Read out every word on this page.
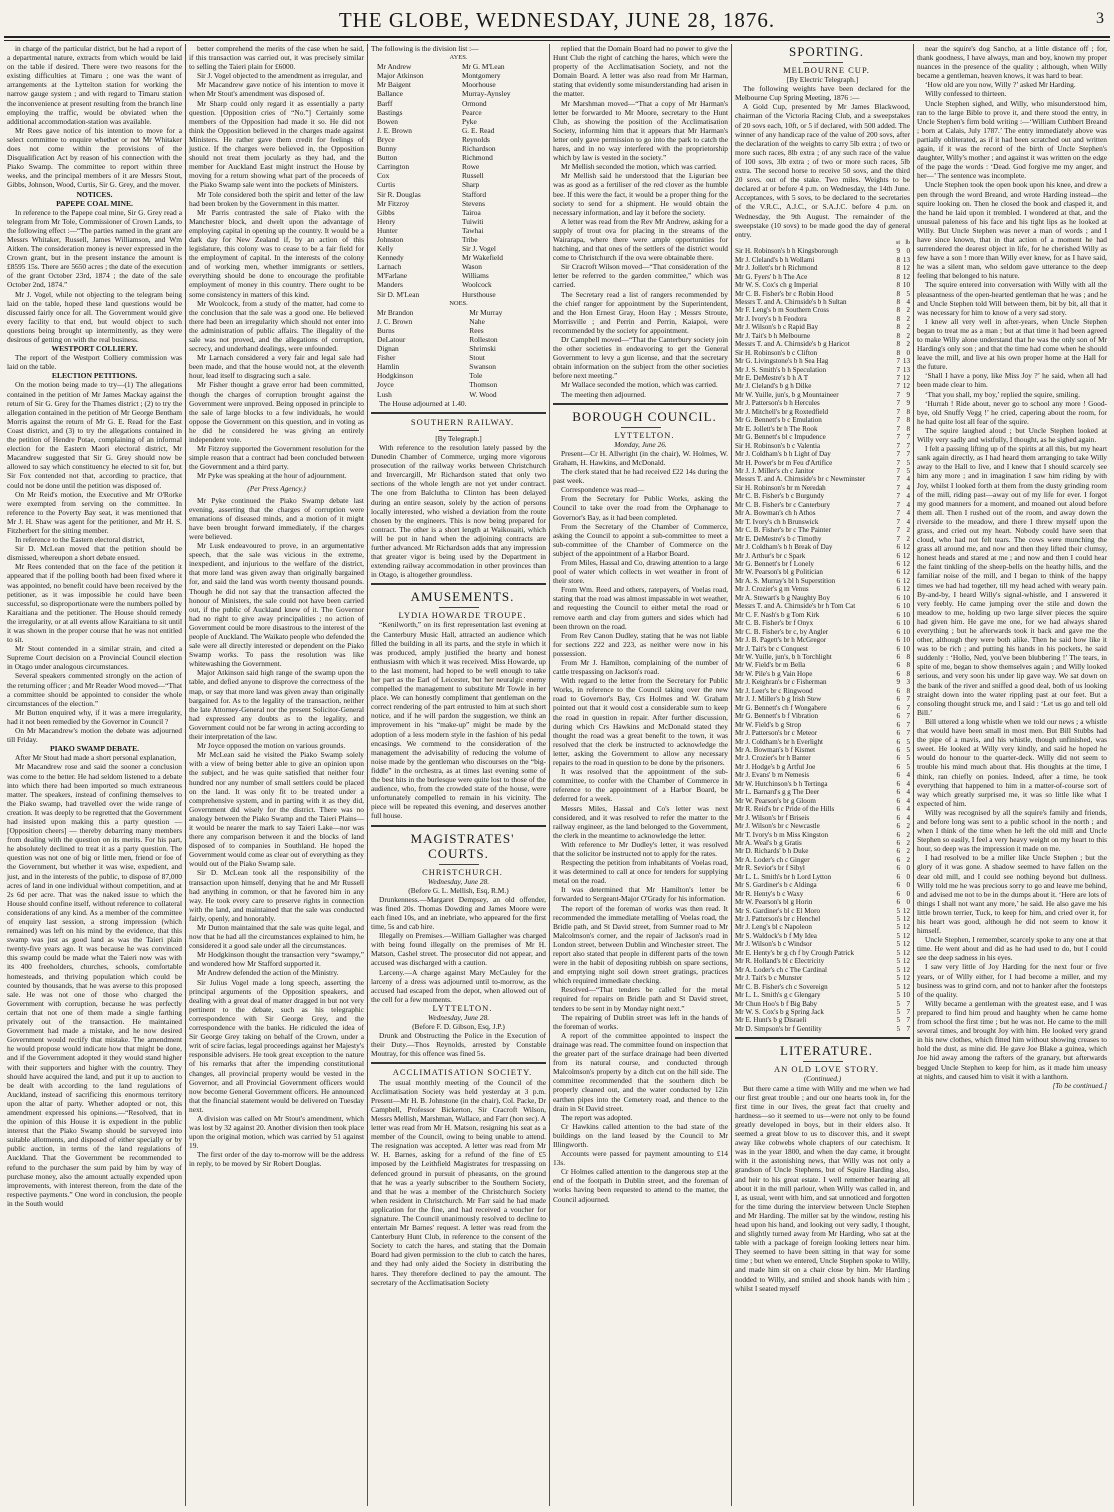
THE GLOBE, WEDNESDAY, JUNE 28, 1876.	3

in charge of the particular district, but he had a report of a departmental nature, extracts from which would be laid on the table if desired. There were two reasons for the existing difficulties at Timaru ; one was the want of arrangements at the Lyttelton station for working the narrow gauge system ; and with regard to Timaru station the inconvenience at present resulting from the branch line employing the traffic, would be obviated when the additional accommodation-station was available.

Mr Rees gave notice of his intention to move for a select committee to enquire whether or not Mr Whitaker does not come within the provisions of the Disqualification Act by reason of his connection with the Piako Swamp. The committee to report within three weeks, and the principal members of it are Messrs Stout, Gibbs, Johnson, Wood, Curtis, Sir G. Grey, and the mover.

NOTICES.

PAPEPE COAL MINE.

In reference to the Papepe coal mine, Sir G. Grey read a telegram from Mr Tole, Commissioner of Crown Lands, to the following effect :—“The parties named in the grant are Messrs Whitaker, Russell, James Williamson, and Wm Aitken. The consideration money is never expressed in the Crown grant, but in the present instance the amount is £8595 15s. There are 5650 acres ; the date of the execution of the grant October 23rd, 1874 ; the date of the sale October 2nd, 1874.”

Mr J. Vogel, while not objecting to the telegram being laid on the table, hoped these land questions would be discussed fairly once for all. The Government would give every facility to that end, but would object to such questions being brought up intermittently, as they were desirous of getting on with the real business.

WESTPORT COLLIERY.

The report of the Westport Colliery commission was laid on the table.

ELECTION PETITIONS.

On the motion being made to try—(1) The allegations contained in the petition of Mr James Mackay against the return of Sir G. Grey for the Thames district ; (2) to try the allegation contained in the petition of Mr George Bentham Morris against the return of Mr G. E. Read for the East Coast district, and (3) to try the allegations contained in the petition of Hendre Potae, complaining of an informal election for the Eastern Maori electoral district, Mr Macandrew suggested that Sir G. Grey should now be allowed to say which constituency he elected to sit for, but Sir Fox contended not that, according to practice, that could not be done until the petition was disposed of.

On Mr Reid's motion, the Executive and Mr O'Rorke were exempted from serving on the committee. In reference to the Poverty Bay seat, it was mentioned that Mr J. H. Shaw was agent for the petitioner, and Mr H. S. Fitzherbert for the sitting member.

In reference to the Eastern electoral district,

Sir D. McLean moved that the petition should be dismissed, whereupon a short debate ensued.

Mr Rees contended that on the face of the petition it appeared that if the polling booth had been fixed where it was appointed, no benefit could have been received by the petitioner, as it was impossible he could have been successful, so disproportionate were the numbers polled by Karaitiana and the petitioner. The House should remedy the irregularity, or at all events allow Karaitiana to sit until it was shown in the proper course that he was not entitled to sit.

Mr Stout contended in a similar strain, and cited a Supreme Court decision on a Provincial Council election in Otago under analogous circumstances.

Several speakers commented strongly on the action of the returning officer ; and Mr Reader Wood moved—“That a committee should be appointed to consider the whole circumstances of the election.”

Mr Button enquired why, if it was a mere irregularity, had it not been remedied by the Governor in Council ?

On Mr Macandrew's motion the debate was adjourned till Friday.

PIAKO SWAMP DEBATE.

After Mr Stout had made a short personal explanation,

Mr Macandrew rose and said the sooner a conclusion was come to the better. He had seldom listened to a debate into which there had been imported so much extraneous matter. The speakers, instead of confining themselves to the Piako swamp, had travelled over the wide range of creation. It was deeply to be regretted that the Government had insisted upon making this a party question — [Opposition cheers] — thereby debarring many members from dealing with the question on its merits. For his part, he absolutely declined to treat it as a party question. The question was not one of big or little men, friend or foe of the Government, but whether it was wise, expedient, and just, and in the interests of the public, to dispose of 87,000 acres of land in one individual without competition, and at 2s 6d per acre. That was the naked issue to which the House should confine itself, without reference to collateral considerations of any kind. As a member of the committee of enquiry last session, a strong impression (which remained) was left on his mind by the evidence, that this swamp was just as good land as was the Taieri plain twenty-five years ago. It was because he was convinced this swamp could be made what the Taieri now was with its 400 freeholders, churches, schools, comfortable homesteads, and thriving population which could be counted by thousands, that he was averse to this proposed sale. He was not one of those who charged the Government with corruption, because he was perfectly certain that not one of them made a single farthing privately out of the transaction. He maintained Government had made a mistake, and he now desired Government would rectify that mistake. The amendment he would propose would indicate how that might be done, and if the Government adopted it they would stand higher with their supporters and higher with the country. They should have acquired the land, and put it up to auction to be dealt with according to the land regulations of Auckland, instead of sacrificing this enormous territory upon the altar of party. Whether adopted or not, this amendment expressed his opinions.—“Resolved, that in the opinion of this House it is expedient in the public interest that the Piako Swamp should be surveyed into suitable allotments, and disposed of either specially or by public auction, in terms of the land regulations of Auckland. That the Government be recommended to refund to the purchaser the sum paid by him by way of purchase money, also the amount actually expended upon improvements, with interest thereon, from the date of the respective payments.” One word in conclusion, the people in the South would

better comprehend the merits of the case when he said, if this transaction was carried out, it was precisely similar to selling the Taieri plain for £6000.

Sir J. Vogel objected to the amendment as irregular, and

Mr Macandrew gave notice of his intention to move it when Mr Stout's amendment was disposed of.

Mr Sharp could only regard it as essentially a party question. [Opposition cries of “No.”] Certainly some members of the Opposition had made it so. He did not think the Opposition believed in the charges made against Ministers. He rather gave them credit for feelings of justice. If the charges were believed in, the Opposition should not treat them jocularly as they had, and the member for Auckland East might instruct the House by moving for a return showing what part of the proceeds of the Piako Swamp sale went into the pockets of Ministers.

Mr Tole considered both the spirit and letter of the law had been broken by the Government in this matter.

Mr Parris contrasted the sale of Piako with the Manchester block, and dwelt upon the advantage of employing capital in opening up the country. It would be a dark day for New Zealand if, by an action of this legislature, this colony was to cease to be a fair field for the employment of capital. In the interests of the colony and of working men, whether immigrants or settlers, everything should be done to encourage the profitable employment of money in this country. There ought to be some consistency in matters of this kind.

Mr Woolcock, from a study of the matter, had come to the conclusion that the sale was a good one. He believed there had been an irregularity which should not enter into the administration of public affairs. The illegality of the sale was not proved, and the allegations of corruption, secrecy, and underhand dealings, were unfounded.

Mr Larnach considered a very fair and legal sale had been made, and that the house would not, at the eleventh hour, lead itself to disgracing such a sale.

Mr Fisher thought a grave error had been committed, though the charges of corruption brought against the Government were unproved. Being opposed in principle to the sale of large blocks to a few individuals, he would oppose the Government on this question, and in voting as he did he considered he was giving an entirely independent vote.

Mr Fitzroy supported the Government resolution for the simple reason that a contract had been concluded between the Government and a third party.

Mr Pyke was speaking at the hour of adjournment.

(Per Press Agency.)

Mr Pyke continued the Piako Swamp debate last evening, asserting that the charges of corruption were emanations of diseased minds, and a motion of it might have been brought forward immediately, if the charges were believed.

Mr Lusk endeavoured to prove, in an argumentative speech, that the sale was vicious in the extreme, inexpedient, and injurious to the welfare of the district, that more land was given away than originally bargained for, and said the land was worth twenty thousand pounds. Though he did not say that the transaction affected the honour of Ministers, the sale could not have been carried out, if the public of Auckland knew of it. The Governor had no right to give away principalities ; no action of Government could be more disastrous to the interest of the people of Auckland. The Waikato people who defended the sale were all directly interested or dependent on the Piako Swamp works. To pass the resolution was like whitewashing the Government.

Major Atkinson said high range of the swamp upon the table, and defied anyone to disprove the correctness of the map, or say that more land was given away than originally bargained for. As to the legality of the transaction, neither the late Attorney-General nor the present Solicitor-General had expressed any doubts as to the legality, and Government could not be far wrong in acting according to their interpretation of the law.

Mr Joyce opposed the motion on various grounds.

Mr McLean said he visited the Piako Swamp solely with a view of being better able to give an opinion upon the subject, and he was quite satisfied that neither four hundred nor any number of small settlers could be placed on the land. It was only fit to be treated under a comprehensive system, and in parting with it as they did, Government did wisely for the district. There was no analogy between the Piako Swamp and the Taieri Plains—it would be nearer the mark to say Taieri Lake—nor was there any comparison between it and the blocks of land disposed of to companies in Southland. He hoped the Government would come as clear out of everything as they would out of the Piako Swamp sale.

Sir D. McLean took all the responsibility of the transaction upon himself, denying that he and Mr Russell had anything in common, or that he favored him in any way. He took every care to preserve rights in connection with the land, and maintained that the sale was conducted fairly, openly, and honorably.

Mr Dutton maintained that the sale was quite legal, and now that he had all the circumstances explained to him, he considered it a good sale under all the circumstances.

Mr Hodgkinson thought the transaction very “swampy,” and wondered how Mr Stafford supported it.

Mr Andrew defended the action of the Ministry.

Sir Julius Vogel made a long speech, asserting the principal arguments of the Opposition speakers, and dealing with a great deal of matter dragged in but not very pertinent to the debate, such as his telegraphic correspondence with Sir George Grey, and the correspondence with the banks. He ridiculed the idea of Sir George Grey taking on behalf of the Crown, under a writ of scire facias, legal proceedings against her Majesty's responsible advisers. He took great exception to the nature of his remarks that after the impending constitutional changes, all provincial property would be vested in the Governor, and all Provincial Government officers would now become General Government officers. He announced that the financial statement would be delivered on Tuesday next.

A division was called on Mr Stout's amendment, which was lost by 32 against 20. Another division then took place upon the original motion, which was carried by 51 against 19.

The first order of the day to-morrow will be the address in reply, to be moved by Sir Robert Douglas.

The following is the division list :—

AYES.

Mr Andrew	Mr G. M'Lean
Major Atkinson	Montgomery
Mr Baigent	Moorhouse
Ballance	Murray-Aynsley
Barff	Ormond
Bastings	Pearce
Bowen	Pyke
J. E. Brown	G. E. Read
Bryce	Reynolds
Bunny	Richardson
Button	Richmond
Carrington	Rowe
Cox	Russell
Curtis	Sharp
Sir R. Douglas	Stafford
Mr Fitzroy	Stevens
Gibbs	Tairoa
Henry	Tuiwiti
Hunter	Tawhai
Johnston	Tribe
Kelly	Sir J. Vogel
Kennedy	Mr Wakefield
Larnach	Wason
M'Farlane	Williams
Manders	Woolcock
Sir D. M'Lean	Hursthouse

NOES.

Mr Brandon	Mr Murray
J. C. Brown	Nahe
Burns	Rees
DeLatour	Rolleston
Dignan	Shrimski
Fisher	Stout
Hamlin	Swanson
Hodgkinson	Tole
Joyce	Thomson
Lush	W. Wood

The House adjourned at 1.40.

SOUTHERN RAILWAY.

[By Telegraph.]

With reference to the resolution lately passed by the Dunedin Chamber of Commerce, urging more vigorous prosecution of the railway works between Christchurch and Invercargill, Mr Richardson stated that only two sections of the whole length are not yet under contract. The one from Balclutha to Clinton has been delayed during an entire season, solely by the action of persons locally interested, who wished a deviation from the route chosen by the engineers. This is now being prepared for contract. The other is a short length at Waikouaiti, which will be put in hand when the adjoining contracts are further advanced. Mr Richardson adds that any impression that greater vigor is being used by the Department in extending railway accommodation in other provinces than in Otago, is altogether groundless.

AMUSEMENTS.

LYDIA HOWARDE TROUPE.

“Kenilworth,” on its first representation last evening at the Canterbury Music Hall, attracted an audience which filled the building in all its parts, and the style in which it was produced, amply justified the hearty and honest enthusiasm with which it was received. Miss Howarde, up to the last moment, had hoped to be well enough to take her part as the Earl of Leicester, but her neuralgic enemy compelled the management to substitute Mr Towle in her place. We can honestly compliment that gentleman on the correct rendering of the part entrusted to him at such short notice, and if he will pardon the suggestion, we think an improvement in his “make-up” might be made by the adoption of a less modern style in the fashion of his pedal encasings. We commend to the consideration of the management the advisability of reducing the volume of noise made by the gentleman who discourses on the “big-fiddle” in the orchestra, as at times last evening some of the best hits in the burlesque were quite lost to those of the audience, who, from the crowded state of the house, were unfortunately compelled to remain in his vicinity. The piece will be repeated this evening, and deserves another full house.

MAGISTRATES' COURTS.

CHRISTCHURCH.

Wednesday, June 28.

(Before G. L. Mellish, Esq, R.M.)

Drunkenness.—Margaret Dempsey, an old offender, was fined 20s. Thomas Dowding and James Moore were each fined 10s, and an inebriate, who appeared for the first time, 5s and cab hire.

Illegally on Premises.—William Gallagher was charged with being found illegally on the premises of Mr H. Matson, Cashel street. The prosecutor did not appear, and accused was discharged with a caution.

Larceny.—A charge against Mary McCauley for the larceny of a dress was adjourned until to-morrow, as the accused had escaped from the depot, when allowed out of the cell for a few moments.

LYTTELTON.

Wednesday, June 28.

(Before F. D. Gibson, Esq, J.P.)

Drunk and Obstructing the Police in the Execution of their Duty.—Thos Reynolds, arrested by Constable Moutray, for this offence was fined 5s.

ACCLIMATISATION SOCIETY.

The usual monthly meeting of the Council of the Acclimatisation Society was held yesterday at 3 p.m. Present—Mr H. B. Johnstone (in the chair), Col. Packe, Dr Campbell, Professor Bickerton, Sir Cracroft Wilson, Messrs Mellish, Marshman, Wallace, and Farr (hon sec). A letter was read from Mr H. Matson, resigning his seat as a member of the Council, owing to being unable to attend. The resignation was accepted. A letter was read from Mr W. H. Barnes, asking for a refund of the fine of £5 imposed by the Leithfield Magistrates for trespassing on defenced ground in pursuit of pheasants, on the ground that he was a yearly subscriber to the Southern Society, and that he was a member of the Christchurch Society when resident in Christchurch. Mr Farr said he had made application for the fine, and had received a voucher for signature. The Council unanimously resolved to decline to entertain Mr Barnes' request. A letter was read from the Canterbury Hunt Club, in reference to the consent of the Society to catch the hares, and stating that the Domain Board had given permission to the club to catch the hares, and they had only aided the Society in distributing the hares. They therefore declined to pay the amount. The secretary of the Acclimatisation Society

replied that the Domain Board had no power to give the Hunt Club the right of catching the hares, which were the property of the Acclimatisation Society, and not the Domain Board. A letter was also read from Mr Harman, stating that evidently some misunderstanding had arisen in the matter.

Mr Marshman moved—“That a copy of Mr Harman's letter be forwarded to Mr Moore, secretary to the Hunt Club, as showing the position of the Acclimatisation Society, informing him that it appears that Mr Harman's letter only gave permission to go into the park to catch the hares, and in no way interfered with the proprietorship which by law is vested in the society.”

Mr Mellish seconded the motion, which was carried.

Mr Mellish said he understood that the Ligurian bee was as good as a fertiliser of the red clover as the humble bee. If this were the fact, it would be a proper thing for the society to send for a shipment. He would obtain the necessary information, and lay it before the society.

A letter was read from the Rev Mr Andrew, asking for a supply of trout ova for placing in the streams of the Wairarapa, where there were ample opportunities for hatching, and that ones of the settlers of the district would come to Christchurch if the ova were obtainable there.

Sir Cracroft Wilson moved—“That consideration of the letter be referred to the garden committee,” which was carried.

The Secretary read a list of rangers recommended by the chief ranger for appointment by the Superintendent, and the Hon Ernest Gray, Hoon Hay ; Messrs Stroute, Morrisville ; and Perrin and Perrin, Kaiapoi, were recommended by the society for appointment.

Dr Campbell moved—“That the Canterbury society join the other societies in endeavoring to get the General Government to levy a gun license, and that the secretary obtain information on the subject from the other societies before next meeting.”

Mr Wallace seconded the motion, which was carried.

The meeting then adjourned.

BOROUGH COUNCIL.

LYTTELTON.

Monday, June 26.

Present—Cr H. Allwright (in the chair), W. Holmes, W. Graham, H. Hawkins, and McDonald.

The clerk stated that he had received £22 14s during the past week.

Correspondence was read—

From the Secretary for Public Works, asking the Council to take over the road from the Orphanage to Governor's Bay, as it had been completed.

From the Secretary of the Chamber of Commerce, asking the Council to appoint a sub-committee to meet a sub-committee of the Chamber of Commerce on the subject of the appointment of a Harbor Board.

From Miles, Hassal and Co, drawing attention to a large pool of water which collects in wet weather in front of their store.

From Wm. Reed and others, ratepayers, of Voelas road, stating that the road was almost impassable in wet weather, and requesting the Council to either metal the road or remove earth and clay from gutters and sides which had been thrown on the road.

From Rev Canon Dudley, stating that he was not liable for sections 222 and 223, as neither were now in his possession.

From Mr J. Hamilton, complaining of the number of cattle trespassing on Jackson's road.

With regard to the letter from the Secretary for Public Works, in reference to the Council taking over the new road to Governor's Bay, Crs Holmes and W. Graham pointed out that it would cost a considerable sum to keep the road in question in repair. After further discussion, during which Crs Hawkins and McDonald stated they thought the road was a great benefit to the town, it was resolved that the clerk be instructed to acknowledge the letter, asking the Government to allow any necessary repairs to the road in question to be done by the prisoners.

It was resolved that the appointment of the sub-committee, to confer with the Chamber of Commerce in reference to the appointment of a Harbor Board, be deferred for a week.

Messrs Miles, Hassal and Co's letter was next considered, and it was resolved to refer the matter to the railway engineer, as the land belonged to the Government, the clerk in the meantime to acknowledge the letter.

With reference to Mr Dudley's letter, it was resolved that the solicitor be instructed not to apply for the rates.

Respecting the petition from inhabitants of Voelas road, it was determined to call at once for tenders for supplying metal on the road.

It was determined that Mr Hamilton's letter be forwarded to Sergeant-Major O'Grady for his information.

The report of the foreman of works was then read. It recommended the immediate metalling of Voelas road, the Bridle path, and St David street, from Sumner road to Mr Malcolmson's corner, and the repair of Jackson's road in London street, between Dublin and Winchester street. The report also stated that people in different parts of the town were in the habit of depositing rubbish on spare sections, and emptying night soil down street gratings, practices which required immediate checking.

Resolved—“That tenders be called for the metal required for repairs on Bridle path and St David street, tenders to be sent in by Monday night next.”

The repairing of Dublin street was left in the hands of the foreman of works.

A report of the committee appointed to inspect the drainage was read. The committee found on inspection that the greater part of the surface drainage had been diverted from its natural course, and conducted through Malcolmson's property by a ditch cut on the hill side. The committee recommended that the southern ditch be properly cleaned out, and the water conducted by 12in earthen pipes into the Cemetery road, and thence to the drain in St David street.

The report was adopted.

Cr Hawkins called attention to the bad state of the buildings on the land leased by the Council to Mr Illingworth.

Accounts were passed for payment amounting to £14 13s.

Cr Holmes called attention to the dangerous step at the end of the footpath in Dublin street, and the foreman of works having been requested to attend to the matter, the Council adjourned.

SPORTING.

MELBOURNE CUP.

[By Electric Telegraph.]

The following weights have been declared for the Melbourne Cup Spring Meeting, 1876 :—

A Gold Cup, presented by Mr James Blackwood, chairman of the Victoria Racing Club, and a sweepstakes of 20 sovs each, 10ft, or 5 if declared, with 500 added. The winner of any handicap race of the value of 200 sovs, after the declaration of the weights to carry 5lb extra ; of two or more such races, 8lb extra ; of any such race of the value of 100 sovs, 3lb extra ; of two or more such races, 5lb extra. The second horse to receive 50 sovs, and the third 20 sovs. out of the stake. Two miles. Weights to be declared at or before 4 p.m. on Wednesday, the 14th June. Acceptances, with 5 sovs, to be declared to the secretaries of the V.R.C., A.J.C., or S.A.J.C. before 4 p.m. on Wednesday, the 9th August. The remainder of the sweepstake (10 sovs) to be made good the day of general entry.

	st	lb
Sir H. Robinson's b h Kingsborough	9	0
Mr J. Cleland's b h Wollami	8	13
Mr J. Jollett's br h Richmond	8	12
Mr G. Fyers' b h The Ace	8	12
Mr W. S. Cox's ch g Imperial	8	10
Mr C. B. Fisher's br c Robin Hood	8	5
Messrs T. and A. Chirnside's b h Sultan	8	4
Mr F. Leng's b m Southern Cross	8	2
Mr J. Ivory's b h Feodora	8	2
Mr J. Wilson's b c Rapid Bay	8	2
Mr J. Tait's b h Melbourne	8	2
Messrs T. and A. Chirnside's b g Haricot	8	2
Sir H. Robinson's b c Clifton	8	0
Mr G. Livingstone's b h Sea Hag	7	13
Mr J. S. Smith's b h Speculation	7	13
Mr E. DeMestre's b h A T	7	12
Mr J. Cleland's b g h Dilke	7	12
Mr W. Yuille, jun's, b g Mountaineer	7	9
Mr J. Patterson's b h Hercules	7	9
Mr J. Mitchell's br g Roxtedfield	7	8
Mr G. Bennett's b c Emulation	7	8
Mr E. Jollett's br h The Rook	7	8
Mr G. Bennett's bl c Impudence	7	7
Sir H. Robinson's b c Valentia	7	7
Mr J. Coldham's b h Light of Day	7	7
Mr H. Power's br m Feu d'Artifice	7	5
Mr J. J. Miller's ch c Janitor	7	5
Messrs T. and A. Chirnside's br c Newminster	7	4
Sir H. Robinson's br m Neredah	7	4
Mr C. B. Fisher's b c Burgundy	7	4
Mr C. B. Fisher's br c Canterbury	7	4
Mr A. Bowman's ch h Athos	7	4
Mr T. Ivory's ch h Brunswick	7	4
Mr C. B. Fisher's br c The Painter	7	2
Mr E. DeMestre's b c Timothy	7	2
Mr J. Coldham's b h Break of Day	6	12
Mr J. Arthur's br c Spark	6	12
Mr G. Bennett's br f Lonely	6	12
Mr W. Pearson's bl g Politician	6	12
Mr A. S. Murray's bl h Superstition	6	12
Mr J. Crozier's g m Venus	6	12
Mr A. Stewart's b g Naughty Boy	6	10
Messrs T. and A. Chirnside's br h Tom Cat	6	10
Mr C. F. Nash's b g Tom Kirk	6	10
Mr C. B. Fisher's br f Onyx	6	10
Mr C. B. Fisher's br c, by Angler	6	10
Mr J. B. Pagett's br h McGregor	6	10
Mr J. Tait's br c Conquest	6	10
Mr W. Yuille, jun's, b h Torchlight	6	8
Mr W. Field's br m Bella	6	8
Mr W. Pile's b g Vain Hope	6	8
Mr J. Keighran's br c Fisherman	9	3
Mr J. Leer's br c Ringwood	6	8
Mr J. J. Miller's b g Irish Stew	6	7
Mr G. Bennett's ch f Wongabere	6	7
Mr G. Bennett's b f Vibration	6	7
Mr W. Field's b g Strop	6	7
Mr J. Patterson's br c Meteor	6	7
Mr J. Coldham's br h Everlight	6	5
Mr A. Bowman's b f Kismet	6	5
Mr J. Crozier's br h Banter	6	5
Mr J. Hodge's b g Artful Joe	6	5
Mr J. Evans' b m Nemesis	6	4
Mr W. Hutchinson's b h Tertinga	6	4
Mr L. Barnard's g g The Deer	6	4
Mr W. Pearson's br g Gloom	6	4
Mr R. Reid's br c Pride of the Hills	6	4
Mr J. Wilson's br f Briseis	6	4
Mr J. Wilson's br c Newcastle	6	2
Mr T. Ivory's b m Miss Kingston	6	2
Mr A. Weal's b g Gratis	6	2
Mr D. Richards' b h Duke	6	2
Mr A. Loder's ch c Ginger	6	2
Mr R. Sevior's br f Sibyl	6	0
Mr L. L. Smith's br h Lord Lytton	6	0
Mr S. Gardiner's b c Aldinga	6	0
Mr R. Henty's b c Waxy	6	0
Mr W. Pearson's bl g Horin	6	0
Mr S. Gardiner's bl c El Moro	5	12
Mr J. Patterson's br c Henchel	5	12
Mr J. Leng's bl c Napoleon	5	12
Mr S. Waldock's b f My Idea	5	12
Mr J. Wilson's b c Windsor	5	12
Mr E. Henty's br g ch f by Crough Patrick	5	12
Mr R. Holland's bl c Electricity	5	12
Mr A. Loder's ch c The Cardinal	5	12
Mr J. Tait's b c Munster	5	12
Mr C. B. Fisher's ch c Sovereign	5	12
Mr L. L. Smith's g c Glengary	5	10
Mr Chun Hoo's b f Big Baby	5	7
Mr W. S. Cox's b g Spring Jack	5	7
Mr E. Hunt's b g Disraeli	5	7
Mr D. Simpson's br f Gentility	5	7

LITERATURE.

AN OLD LOVE STORY.

(Continued.)

But there came a time with Willy and me when we had our first great trouble ; and our one hearts took in, for the first time in our lives, the great fact that cruelty and hardness—so it seemed to us—were not only to be found greatly developed in boys, but in their elders also. It seemed a great blow to us to discover this, and it swept away like cobwebs whole chapters of our catechism. It was in the year 1800, and when the day came, it brought with it the astonishing news, that Willy was not only a grandson of Uncle Stephens, but of Squire Harding also, and heir to his great estate. I well remember hearing all about it in the mill parlour, when Willy was called in, and I, as usual, went with him, and sat unnoticed and forgotten for the time during the interview between Uncle Stephen and Mr Harding. The miller sat by the window, resting his head upon his hand, and looking out very sadly, I thought, and slightly turned away from Mr Harding, who sat at the table with a package of foreign looking letters near him. They seemed to have been sitting in that way for some time ; but when we entered, Uncle Stephen spoke to Willy, and made him sit on a chair close by him. Mr Harding nodded to Willy, and smiled and shook hands with him ; whilst I seated myself

near the squire's dog Sancho, at a little distance off ; for, thank goodness, I have always, man and boy, known my proper nuances in the presence of the quality ; although, when Willy became a gentleman, heaven knows, it was hard to bear.

‘How old are you now, Willy ?’ asked Mr Harding.

Willy confessed to thirteen.

Uncle Stephen sighed, and Willy, who misunderstood him, ran to the large Bible to prove it, and there stood the entry, in Uncle Stephen's firm bold writing :—‘William Cuthbert Breand ; born at Calais, July 1787.’ The entry immediately above was partially obliterated, as if it had been scratched out and written again, if it was the record of the birth of Uncle Stephen's daughter, Willy's mother ; and against it was written on the edge of the page the words : ‘Dead. God forgive me my anger, and her—’ The sentence was incomplete.

Uncle Stephen took the open book upon his knee, and drew a pen through the word Breand, and wrote Harding instead—the squire looking on. Then he closed the book and clasped it, and the hand he laid upon it trembled. I wondered at that, and the unusual paleness of his face and his tight lips as he looked at Willy. But Uncle Stephen was never a man of words ; and I have since known, that in that action of a moment he had surrendered the dearest object in life, for he cherished Willy as few have a son ! more than Willy ever knew, for as I have said, he was a silent man, who seldom gave utterance to the deep feeling that belonged to his nature.

The squire entered into conversation with Willy with all the pleasantness of the open-hearted gentleman that he was ; and he and Uncle Stephen told Will between them, bit by bit, all that it was necessary for him to know of a very sad story.

I knew all very well in after-years, when Uncle Stephen began to treat me as a man ; but at that time it had been agreed to make Willy alone understand that he was the only son of Mr Harding's only son ; and that the time had come when he should leave the mill, and live at his own proper home at the Hall for the future.

‘Shall I have a pony, like Miss Joy ?’ he said, when all had been made clear to him.

‘That you shall, my boy,’ replied the squire, smiling.

‘Hurrah ! Ride about, never go to school any more ! Good-bye, old Snuffy Vegg !’ he cried, capering about the room, for he had quite lost all fear of the squire.

The squire laughed aloud ; but Uncle Stephen looked at Willy very sadly and wistfully, I thought, as he sighed again.

I felt a passing lifting up of the spirits at all this, but my heart sank again directly, as I had heard them arranging to take Willy away to the Hall to live, and I knew that I should scarcely see him any more ; and in imagination I saw him riding by with Joy, whilst I looked forth at them from the dusty grinding room of the mill, riding past—away out of my life for ever. I forgot my good manners for a moment, and moaned out aloud before them all. Then I rushed out of the room, and away down the riverside to the meadow, and there I threw myself upon the grass, and cried out my heart. Nobody could have seen that cloud, who had not felt tears. The cows were munching the grass all around me, and now and then they lifted their clumsy, honest heads and stared at me ; and now and then I could hear the faint tinkling of the sheep-bells on the heathy hills, and the familiar noise of the mill, and I began to think of the happy times we had had together, till my head ached with weary pain. By-and-by, I heard Willy's signal-whistle, and I answered it very feebly. He came jumping over the stile and down the meadow to me, holding up two large silver pieces the squire had given him. He gave me one, for we had always shared everything ; but he afterwards took it back and gave me the other, although they were both alike. Then he said how like it was to be rich ; and putting his hands in his pockets, he said suddenly : ‘Hollo, Ned, you've been blubbering !’ The tears, in spite of me, began to show themselves again ; and Willy looked serious, and very soon his under lip gave way. We sat down on the bank of the river and sniffed a good deal, both of us looking straight down into the water rippling past at our feet. But a consoling thought struck me, and I said : ‘Let us go and tell old Bill.’

Bill uttered a long whistle when we told our news ; a whistle that would have been small in most men. But Bill Stubbs had the pipe of a mavis, and his whistle, though unfinished, was sweet. He looked at Willy very kindly, and said he hoped he would do honour to the quarter-deck. Willy did not seem to trouble his mind much about that. His thoughts at the time, I think, ran chiefly on ponies. Indeed, after a time, he took everything that happened to him in a matter-of-course sort of way which greatly surprised me, it was so little like what I expected of him.

Willy was recognised by all the squire's family and friends, and before long was sent to a public school in the north ; and when I think of the time when he left the old mill and Uncle Stephen so easily, I feel a very heavy weight on my heart to this hour, so deep was the impression it made on me.

I had resolved to be a miller like Uncle Stephen ; but the glory of it was gone. A shadow seemed to have fallen on the dear old mill, and I could see nothing beyond but dullness. Willy told me he was precious sorry to go and leave me behind, and advised me not to be in the dumps about it. ‘Here are lots of things I shall not want any more,’ he said. He also gave me his little brown terrier, Tuck, to keep for him, and cried over it, for his heart was good, although he did not seem to know it himself.

Uncle Stephen, I remember, scarcely spoke to any one at that time. He went about and did as he had used to do, but I could see the deep sadness in his eyes.

I saw very little of Joy Harding for the next four or five years, or of Willy either, for I had become a miller, and my business was to grind corn, and not to hanker after the footsteps of the quality.

Willy became a gentleman with the greatest ease, and I was prepared to find him proud and haughty when he came home from school the first time ; but he was not. He came to the mill several times, and brought Joy with him. He looked very grand in his new clothes, which fitted him without showing creases to hold the dust, as mine did. He gave Joe Blake a guinea, which Joe hid away among the rafters of the granary, but afterwards begged Uncle Stephen to keep for him, as it made him uneasy at nights, and caused him to visit it with a lanthorn.

[To be continued.]
